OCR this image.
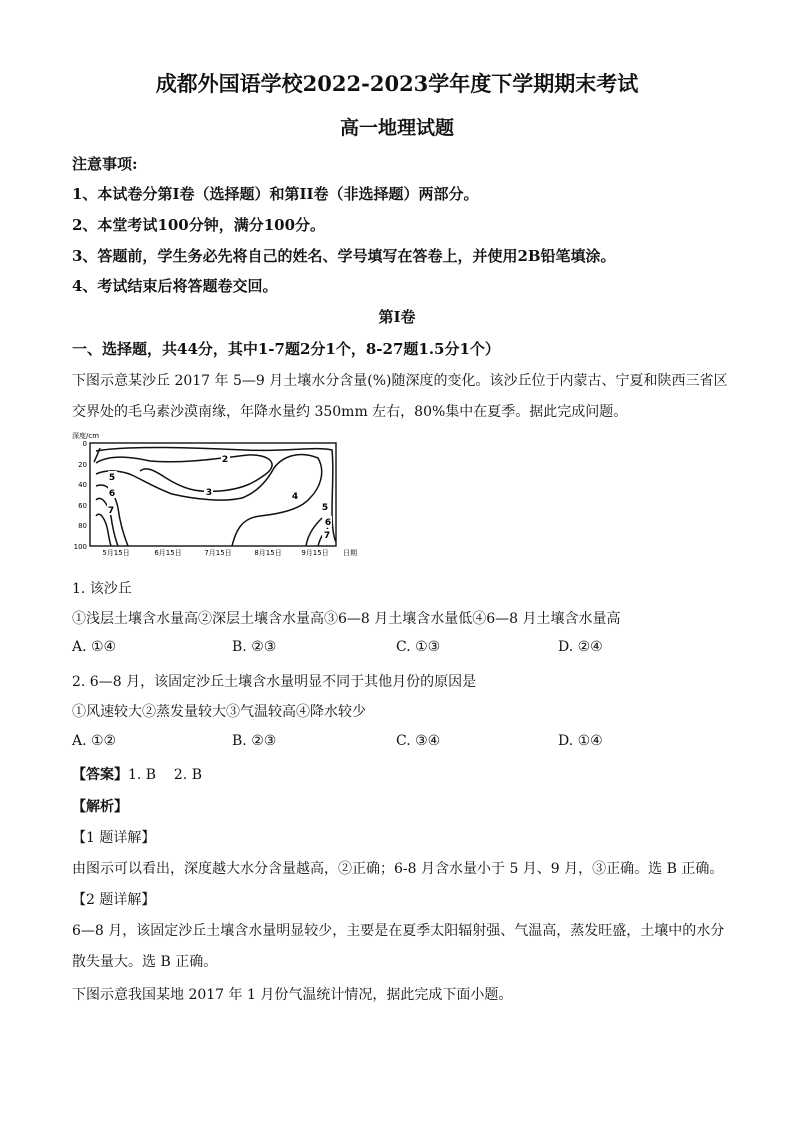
成都外国语学校2022-2023学年度下学期期末考试
高一地理试题
注意事项:
1、本试卷分第Ⅰ卷（选择题）和第II卷（非选择题）两部分。
2、本堂考试100分钟，满分100分。
3、答题前，学生务必先将自己的姓名、学号填写在答卷上，并使用2B铅笔填涂。
4、考试结束后将答题卷交回。
第Ⅰ卷
一、选择题，共44分，其中1-7题2分1个，8-27题1.5分1个）
下图示意某沙丘 2017 年 5—9 月土壤水分含量(%)随深度的变化。该沙丘位于内蒙古、宁夏和陕西三省区
交界处的毛乌素沙漠南缘，年降水量约 350mm 左右，80%集中在夏季。据此完成问题。
深度/cm
0
20
40
60
80
100
5月15日	6月15日	7月15日	8月15日	9月15日 日期
2
3	4
5
6
7	5
6
7
1. 该沙丘
①浅层土壤含水量高②深层土壤含水量高③6—8 月土壤含水量低④6—8 月土壤含水量高
A. ①④	B. ②③	C. ①③	D. ②④
2. 6—8 月，该固定沙丘土壤含水量明显不同于其他月份的原因是
①风速较大②蒸发量较大③气温较高④降水较少
A. ①②	B. ②③	C. ③④	D. ①④
【答案】1. B    2. B
【解析】
【1 题详解】
由图示可以看出，深度越大水分含量越高，②正确；6-8 月含水量小于 5 月、9 月，③正确。选 B 正确。
【2 题详解】
6—8 月，该固定沙丘土壤含水量明显较少，主要是在夏季太阳辐射强、气温高，蒸发旺盛，土壤中的水分
散失量大。选 B 正确。
下图示意我国某地 2017 年 1 月份气温统计情况，据此完成下面小题。
